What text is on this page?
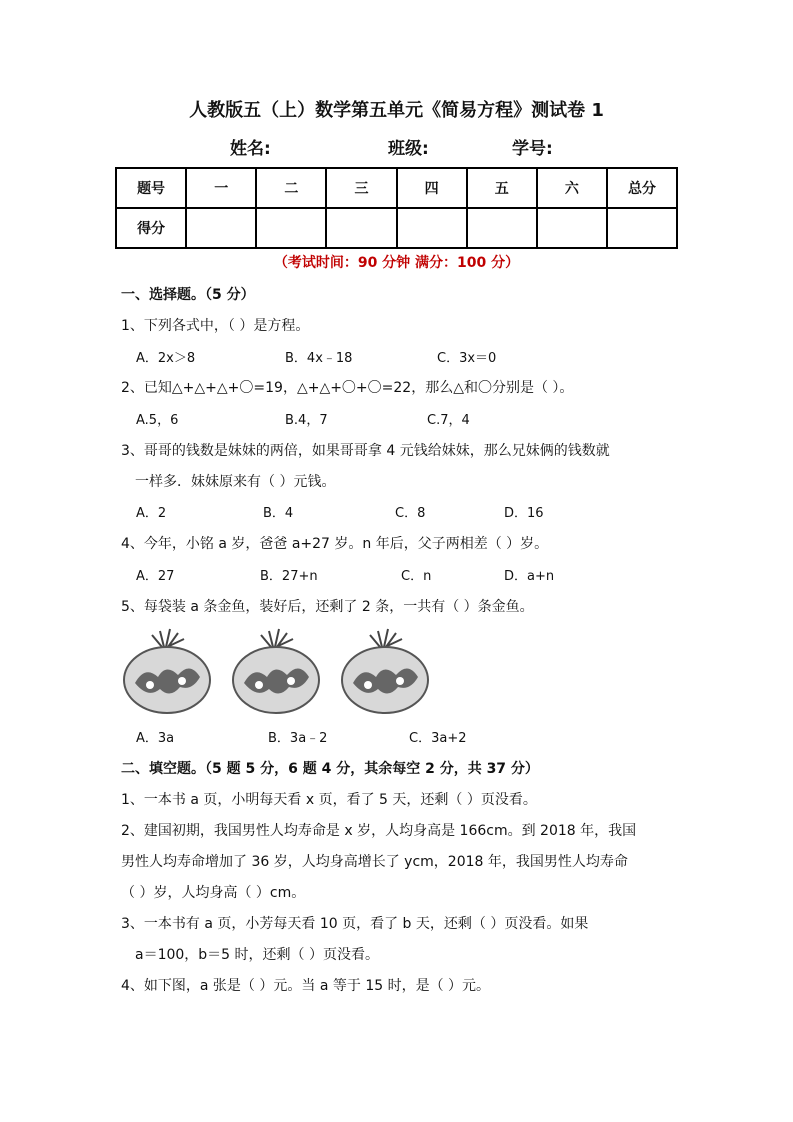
人教版五（上）数学第五单元《简易方程》测试卷 1
姓名:	班级:	学号:
题号	一	二	三	四	五	六	总分
得分							
（考试时间：90 分钟 满分：100 分）
一、选择题。（5 分）
1、下列各式中，（ ）是方程。
A．2x＞8	B．4x﹣18	C．3x＝0
2、已知△+△+△+〇=19，△+△+〇+〇=22，那么△和〇分别是（ ）。
A.5，6	B.4，7	C.7，4
3、哥哥的钱数是妹妹的两倍，如果哥哥拿 4 元钱给妹妹，那么兄妹俩的钱数就
一样多．妹妹原来有（ ）元钱。
A．2	B．4	C．8	D．16
4、今年，小铭 a 岁，爸爸 a+27 岁。n 年后，父子两相差（ ）岁。
A．27	B．27+n	C．n	D．a+n
5、每袋装 a 条金鱼，装好后，还剩了 2 条，一共有（ ）条金鱼。
A．3a	B．3a﹣2	C．3a+2
二、填空题。（5 题 5 分，6 题 4 分，其余每空 2 分，共 37 分）
1、一本书 a 页，小明每天看 x 页，看了 5 天，还剩（ ）页没看。
2、建国初期，我国男性人均寿命是 x 岁，人均身高是 166cm。到 2018 年，我国
男性人均寿命增加了 36 岁，人均身高增长了 ycm，2018 年，我国男性人均寿命
（ ）岁，人均身高（ ）cm。
3、一本书有 a 页，小芳每天看 10 页，看了 b 天，还剩（ ）页没看。如果
a＝100，b＝5 时，还剩（ ）页没看。
4、如下图，a 张是（ ）元。当 a 等于 15 时，是（ ）元。
